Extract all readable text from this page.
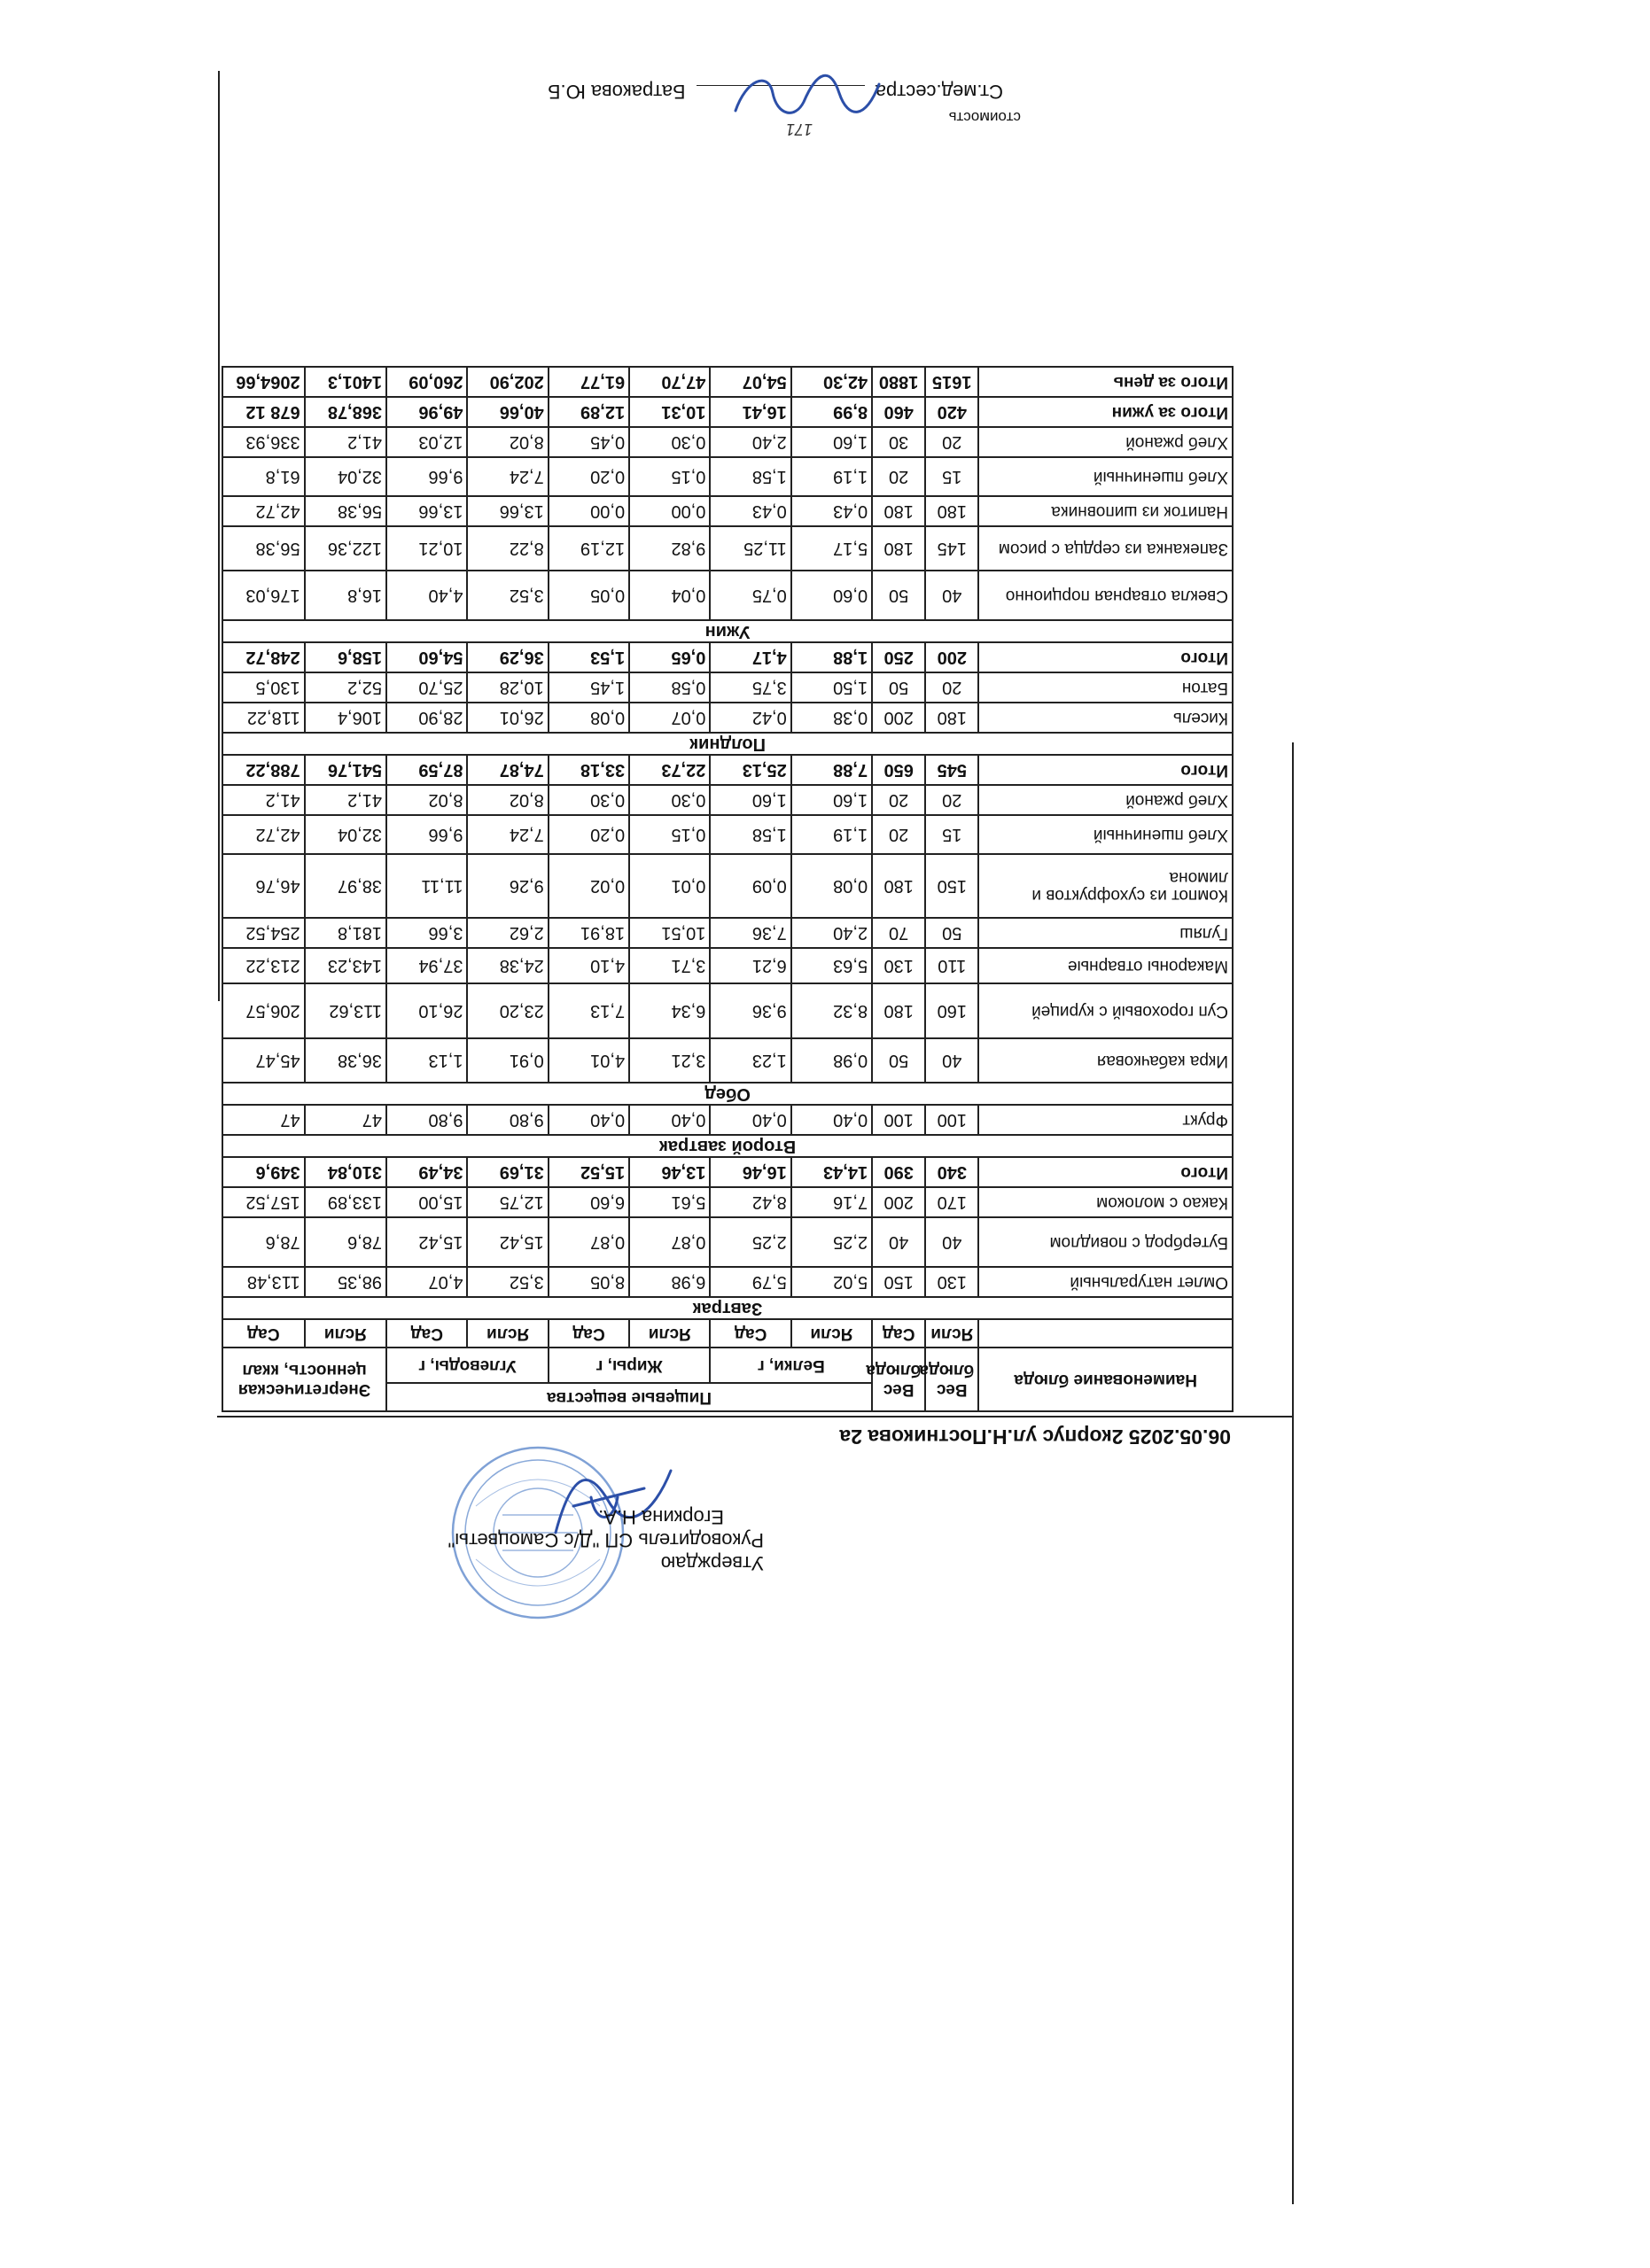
Утверждаю
Руководитель СП "Д/с Самоцветы"
Егоркина Н.А.
06.05.2025 2корпус ул.Н.Постникова 2а
Наименование блюда	Вес блюда	Вес блюда	Пищевые вещества						Энергетическая ценность, ккал	
			Белки, г		Жиры, г		Углеводы, г			
	Ясли	Сад	Ясли	Сад	Ясли	Сад	Ясли	Сад	Ясли	Сад
Завтрак										
Омлет натуральный	130	150	5,02	5,79	6,98	8,05	3,52	4,07	98,35	113,48
Бутерброд с повидлом	40	40	2,25	2,25	0,87	0,87	15,42	15,42	78,6	78,6
Какао с молоком	170	200	7,16	8,42	5,61	6,60	12,75	15,00	133,89	157,52
Итого	340	390	14,43	16,46	13,46	15,52	31,69	34,49	310,84	349,6
Второй завтрак										
Фрукт	100	100	0,40	0,40	0,40	0,40	9,80	9,80	47	47
Обед										
Икра кабачковая	40	50	0,98	1,23	3,21	4,01	0,91	1,13	36,38	45,47
Суп гороховый с курицей	160	180	8,32	9,36	6,34	7,13	23,20	26,10	113,62	206,57
Макароны отварные	110	130	5,63	6,21	3,71	4,10	24,38	37,94	143,23	213,22
Гуляш	50	70	2,40	7,36	10,51	18,91	2,62	3,66	181,8	254,52
Компот из сухофруктов и лимона	150	180	0,08	0,09	0,01	0,02	9,26	11,11	38,97	46,76
Хлеб пшеничный	15	20	1,19	1,58	0,15	0,20	7,24	9,66	32,04	42,72
Хлеб ржаной	20	20	1,60	1,60	0,30	0,30	8,02	8,02	41,2	41,2
Итого	545	650	7,88	25,13	22,73	33,18	74,87	87,59	541,76	788,22
Полдник										
Кисель	180	200	0,38	0,42	0,07	0,08	26,01	28,90	106,4	118,22
Батон	20	50	1,50	3,75	0,58	1,45	10,28	25,70	52,2	130,5
Итого	200	250	1,88	4,17	0,65	1,53	36,29	54,60	158,6	248,72
Ужин										
Свекла отварная порционно	40	50	0,60	0,75	0,04	0,05	3,52	4,40	16,8	176,03
Запеканка из сердца с рисом	145	180	5,17	11,25	9,82	12,19	8,22	10,21	122,36	56,38
Напиток из шиповника	180	180	0,43	0,43	0,00	0,00	13,66	13,66	56,38	42,72
Хлеб пшеничный	15	20	1,19	1,58	0,15	0,20	7,24	9,66	32,04	61,8
Хлеб ржаной	20	30	1,60	2,40	0,30	0,45	8,02	12,03	41,2	336,93
Итого за ужин	420	460	8,99	16,41	10,31	12,89	40,66	49,96	368,78	678 12
Итого за день	1615	1880	42,30	54,07	47,70	61,77	202,90	260,09	1401,3	2064,66
стоимость
171
Ст.мед.сестра  Батракова Ю.Б
